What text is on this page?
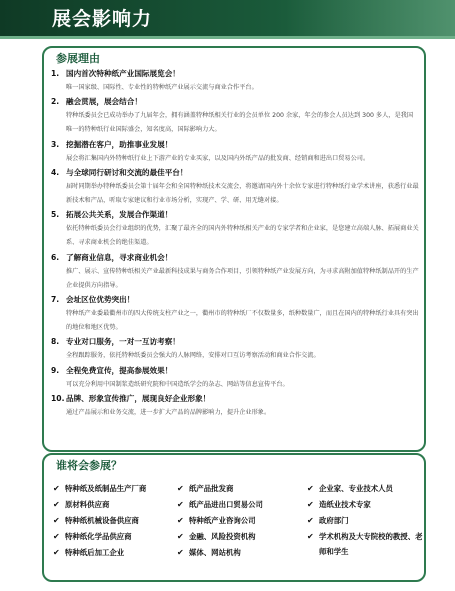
展会影响力
参展理由
1. 国内首次特种纸产业国际展览会！
唯一国家级、国际性、专业性的特种纸产业展示交流与商业合作平台。
2. 融会贯展，展会结合！
特种纸委员会已成功举办了九届年会，拥有涵盖特种纸相关行业的会员单位 200 余家，年会的参会人员达到 300 多人，是我国唯一的特种纸行业国际盛会，知名度高，国际影响力大。
3. 挖掘潜在客户，助推事业发展！
展会将汇集国内外特种纸行业上下游产业的专业买家，以及国内外纸产品的批发商、经销商和进出口贸易公司。
4. 与全球同行研讨和交流的最佳平台！
届时同期举办特种纸委员会第十届年会和全国特种纸技术交流会，将邀请国内外十余位专家进行特种纸行业学术讲座，获悉行业最新技术和产品，听取专家建议和行业市场分析，实现产、学、研、用无缝对接。
5. 拓展公共关系，发展合作渠道！
依托特种纸委员会行业组织的优势，汇聚了最齐全的国内外特种纸相关产业的专家学者和企业家，是您建立高端人脉、拓展商业关系、寻求商业机会的绝佳渠道。
6. 了解商业信息，寻求商业机会！
推广、展示、宣传特种纸相关产业最新科技成果与商务合作项目，引领特种纸产业发展方向，为寻求高附加值特种纸制品开的生产企业提供方向指导。
7. 会址区位优势突出！
特种纸产业委最衢州市的四大传统支柱产业之一，衢州市的特种纸厂不仅数量多，纸种数量广，而且在国内的特种纸行业具有突出的地位和地区优势。
8. 专业对口服务，一对一互访考察！
全程跟踪服务，依托特种纸委员会强大的人脉网络，安排对口互访考察活动和商业合作交流。
9. 全程免费宣传，提高参展效果！
可以充分利用中国制浆造纸研究院和中国造纸学会的杂志、网站等信息宣传平台。
10. 品牌、形象宣传推广，展现良好企业形象！
通过产品展示和业务交流，进一步扩大产品的品牌影响力，提升企业形象。
谁将会参展？
✔ 特种纸及纸制品生产厂商
✔ 原材料供应商
✔ 特种纸机械设备供应商
✔ 特种纸化学品供应商
✔ 特种纸后加工企业
✔ 纸产品批发商
✔ 纸产品进出口贸易公司
✔ 特种纸产业咨询公司
✔ 金融、风险投资机构
✔ 媒体、网站机构
✔ 企业家、专业技术人员
✔ 造纸业技术专家
✔ 政府部门
✔ 学术机构及大专院校的教授、老师和学生
